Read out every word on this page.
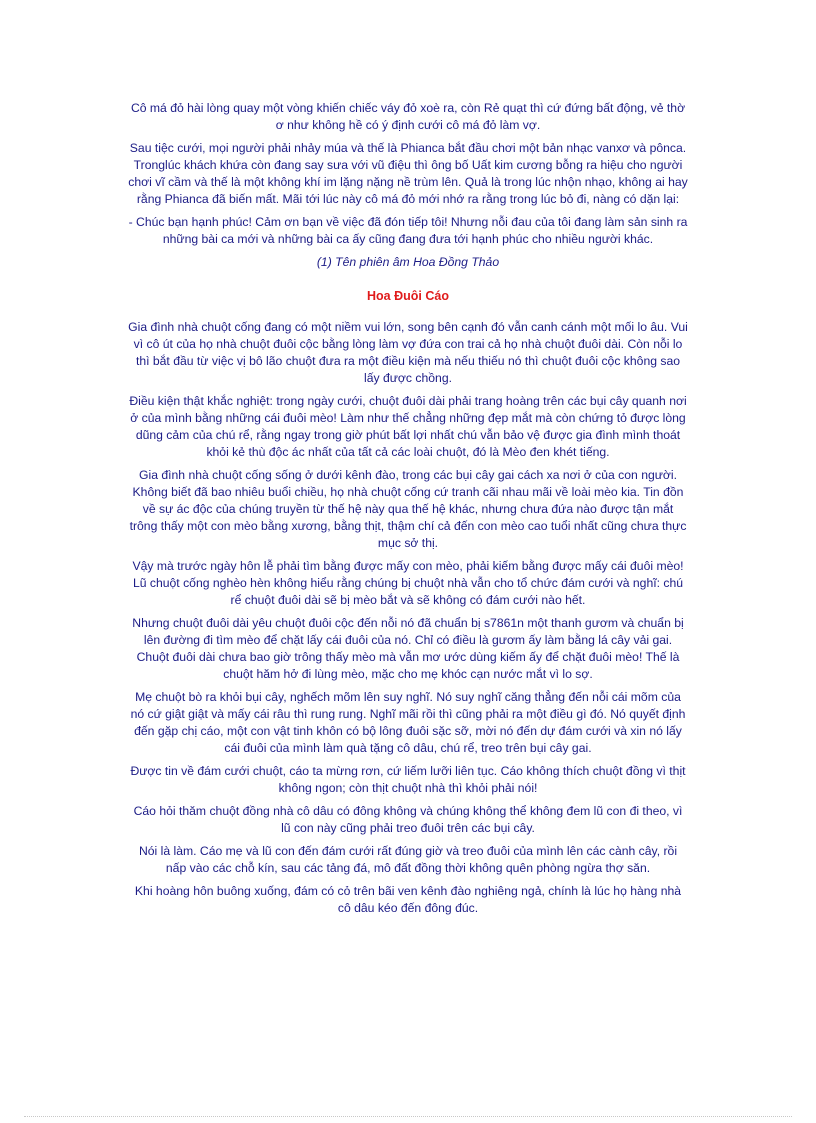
Cô má đỏ hài lòng quay một vòng khiến chiếc váy đỏ xoè ra, còn Rẻ quạt thì cứ đứng bất động, vẻ thờ ơ như không hề có ý định cưới cô má đỏ làm vợ.

Sau tiệc cưới, mọi người phải nhảy múa và thế là Phianca bắt đầu chơi một bản nhạc vanxơ và pônca. Tronglúc khách khứa còn đang say sưa với vũ điệu thì ông bố Uất kim cương bỗng ra hiệu cho người chơi vĩ cầm và thế là một không khí im lặng nặng nề trùm lên. Quả là trong lúc nhộn nhạo, không ai hay rằng Phianca đã biến mất. Mãi tới lúc này cô má đỏ mới nhớ ra rằng trong lúc bỏ đi, nàng có dặn lại:

- Chúc bạn hạnh phúc! Cảm ơn bạn về việc đã đón tiếp tôi! Nhưng nỗi đau của tôi đang làm sản sinh ra những bài ca mới và những bài ca ấy cũng đang đưa tới hạnh phúc cho nhiều người khác.

(1) Tên phiên âm Hoa Đồng Thảo

Hoa Đuôi Cáo

Gia đình nhà chuột cống đang có một niềm vui lớn, song bên cạnh đó vẫn canh cánh một mối lo âu. Vui vì cô út của họ nhà chuột đuôi cộc bằng lòng làm vợ đứa con trai cả họ nhà chuột đuôi dài. Còn nỗi lo thì bắt đầu từ việc vị bô lão chuột đưa ra một điều kiện mà nếu thiếu nó thì chuột đuôi cộc không sao lấy được chồng.

Điều kiện thật khắc nghiệt: trong ngày cưới, chuột đuôi dài phải trang hoàng trên các bụi cây quanh nơi ở của mình bằng những cái đuôi mèo! Làm như thế chẳng những đẹp mắt mà còn chứng tỏ được lòng dũng cảm của chú rể, rằng ngay trong giờ phút bất lợi nhất chú vẫn bảo vệ được gia đình mình thoát khỏi kẻ thù độc ác nhất của tất cả các loài chuột, đó là Mèo đen khét tiếng.

Gia đình nhà chuột cống sống ở dưới kênh đào, trong các bụi cây gai cách xa nơi ở của con người. Không biết đã bao nhiêu buổi chiều, họ nhà chuột cống cứ tranh cãi nhau mãi về loài mèo kia. Tin đồn về sự ác độc của chúng truyền từ thế hệ này qua thế hệ khác, nhưng chưa đứa nào được tận mắt trông thấy một con mèo bằng xương, bằng thịt, thậm chí cả đến con mèo cao tuổi nhất cũng chưa thực mục sở thị.

Vậy mà trước ngày hôn lễ phải tìm bằng được mấy con mèo, phải kiếm bằng được mấy cái đuôi mèo! Lũ chuột cống nghèo hèn không hiểu rằng chúng bị chuột nhà vẫn cho tổ chức đám cưới và nghĩ: chú rể chuột đuôi dài sẽ bị mèo bắt và sẽ không có đám cưới nào hết.

Nhưng chuột đuôi dài yêu chuột đuôi cộc đến nỗi nó đã chuẩn bị s7861n một thanh gươm và chuẩn bị lên đường đi tìm mèo để chặt lấy cái đuôi của nó. Chỉ có điều là gươm ấy làm bằng lá cây vải gai. Chuột đuôi dài chưa bao giờ trông thấy mèo mà vẫn mơ ước dùng kiếm ấy để chặt đuôi mèo! Thế là chuột hăm hở đi lùng mèo, mặc cho mẹ khóc cạn nước mắt vì lo sợ.

Mẹ chuột bò ra khỏi bụi cây, nghếch mõm lên suy nghĩ. Nó suy nghĩ căng thẳng đến nỗi cái mõm của nó cứ giật giật và mấy cái râu thì rung rung. Nghĩ mãi rồi thì cũng phải ra một điều gì đó. Nó quyết định đến gặp chị cáo, một con vật tinh khôn có bộ lông đuôi sặc sỡ, mời nó đến dự đám cưới và xin nó lấy cái đuôi của mình làm quà tặng cô dâu, chú rể, treo trên bụi cây gai.

Được tin về đám cưới chuột, cáo ta mừng rơn, cứ liếm lưỡi liên tục. Cáo không thích chuột đồng vì thịt không ngon; còn thịt chuột nhà thì khỏi phải nói!

Cáo hỏi thăm chuột đồng nhà cô dâu có đông không và chúng không thể không đem lũ con đi theo, vì lũ con này cũng phải treo đuôi trên các bụi cây.

Nói là làm. Cáo mẹ và lũ con đến đám cưới rất đúng giờ và treo đuôi của mình lên các cành cây, rồi nấp vào các chỗ kín, sau các tảng đá, mô đất đồng thời không quên phòng ngừa thợ săn.

Khi hoàng hôn buông xuống, đám có cỏ trên bãi ven kênh đào nghiêng ngả, chính là lúc họ hàng nhà cô dâu kéo đến đông đúc.
